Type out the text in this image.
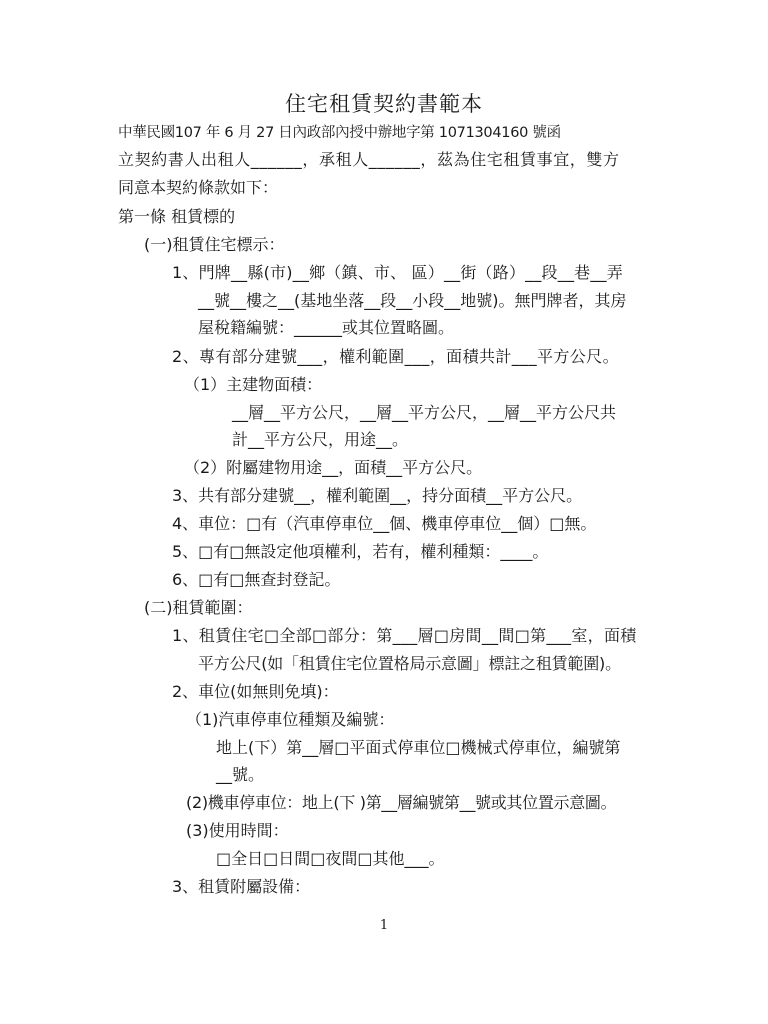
住宅租賃契約書範本
中華民國107 年 6 月 27 日內政部內授中辦地字第 1071304160 號函
立契約書人出租人______，承租人______，茲為住宅租賃事宜，雙方
同意本契約條款如下：
第一條 租賃標的
(一)租賃住宅標示：
1、門牌__縣(市)__鄉（鎮、市、 區）__街（路）__段__巷__弄
__號__樓之__(基地坐落__段__小段__地號)。無門牌者，其房
屋稅籍編號：______或其位置略圖。
2、專有部分建號___，權利範圍___，面積共計___平方公尺。
（1）主建物面積：
__層__平方公尺，__層__平方公尺，__層__平方公尺共
計__平方公尺，用途__。
（2）附屬建物用途__，面積__平方公尺。
3、共有部分建號__，權利範圍__，持分面積__平方公尺。
4、車位：□有（汽車停車位__個、機車停車位__個）□無。
5、□有□無設定他項權利，若有，權利種類：____。
6、□有□無查封登記。
(二)租賃範圍：
1、租賃住宅□全部□部分：第___層□房間__間□第___室，面積
平方公尺(如「租賃住宅位置格局示意圖」標註之租賃範圍)。
2、車位(如無則免填)：
（1)汽車停車位種類及編號：
地上(下）第__層□平面式停車位□機械式停車位，編號第
__號。
(2)機車停車位：地上(下 )第__層編號第__號或其位置示意圖。
(3)使用時間：
□全日□日間□夜間□其他___。
3、租賃附屬設備：
1
